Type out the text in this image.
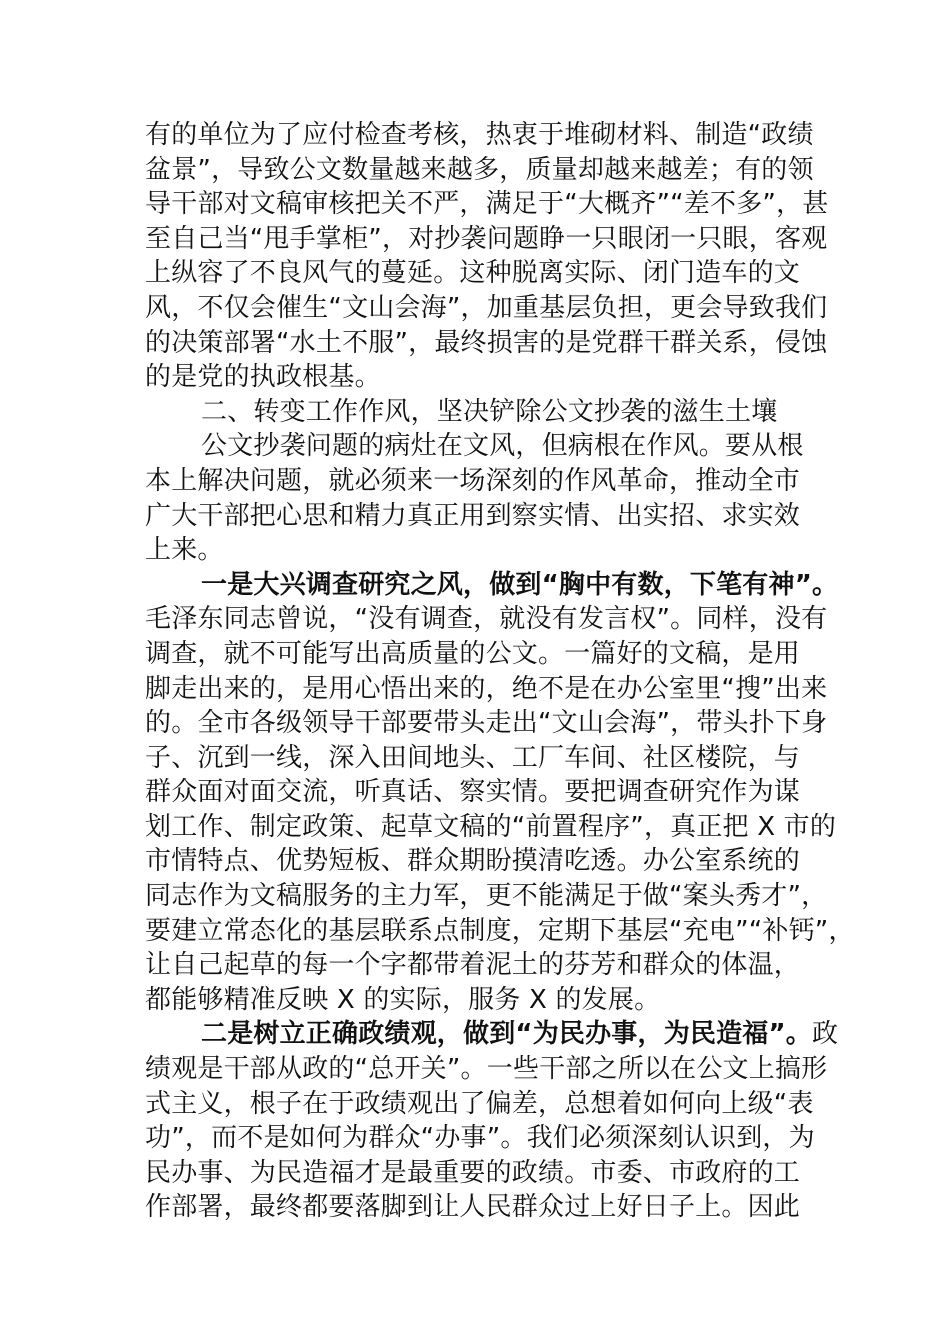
有的单位为了应付检查考核，热衷于堆砌材料、制造“政绩
盆景”，导致公文数量越来越多，质量却越来越差；有的领
导干部对文稿审核把关不严，满足于“大概齐”“差不多”，甚
至自己当“甩手掌柜”，对抄袭问题睁一只眼闭一只眼，客观
上纵容了不良风气的蔓延。这种脱离实际、闭门造车的文
风，不仅会催生“文山会海”，加重基层负担，更会导致我们
的决策部署“水土不服”，最终损害的是党群干群关系，侵蚀
的是党的执政根基。
二、转变工作作风，坚决铲除公文抄袭的滋生土壤
公文抄袭问题的病灶在文风，但病根在作风。要从根
本上解决问题，就必须来一场深刻的作风革命，推动全市
广大干部把心思和精力真正用到察实情、出实招、求实效
上来。
一是大兴调查研究之风，做到“胸中有数，下笔有神”。
毛泽东同志曾说，“没有调查，就没有发言权”。同样，没有
调查，就不可能写出高质量的公文。一篇好的文稿，是用
脚走出来的，是用心悟出来的，绝不是在办公室里“搜”出来
的。全市各级领导干部要带头走出“文山会海”，带头扑下身
子、沉到一线，深入田间地头、工厂车间、社区楼院，与
群众面对面交流，听真话、察实情。要把调查研究作为谋
划工作、制定政策、起草文稿的“前置程序”，真正把 X 市的
市情特点、优势短板、群众期盼摸清吃透。办公室系统的
同志作为文稿服务的主力军，更不能满足于做“案头秀才”，
要建立常态化的基层联系点制度，定期下基层“充电”“补钙”，
让自己起草的每一个字都带着泥土的芬芳和群众的体温，
都能够精准反映 X 的实际，服务 X 的发展。
二是树立正确政绩观，做到“为民办事，为民造福”。政
绩观是干部从政的“总开关”。一些干部之所以在公文上搞形
式主义，根子在于政绩观出了偏差，总想着如何向上级“表
功”，而不是如何为群众“办事”。我们必须深刻认识到，为
民办事、为民造福才是最重要的政绩。市委、市政府的工
作部署，最终都要落脚到让人民群众过上好日子上。因此
